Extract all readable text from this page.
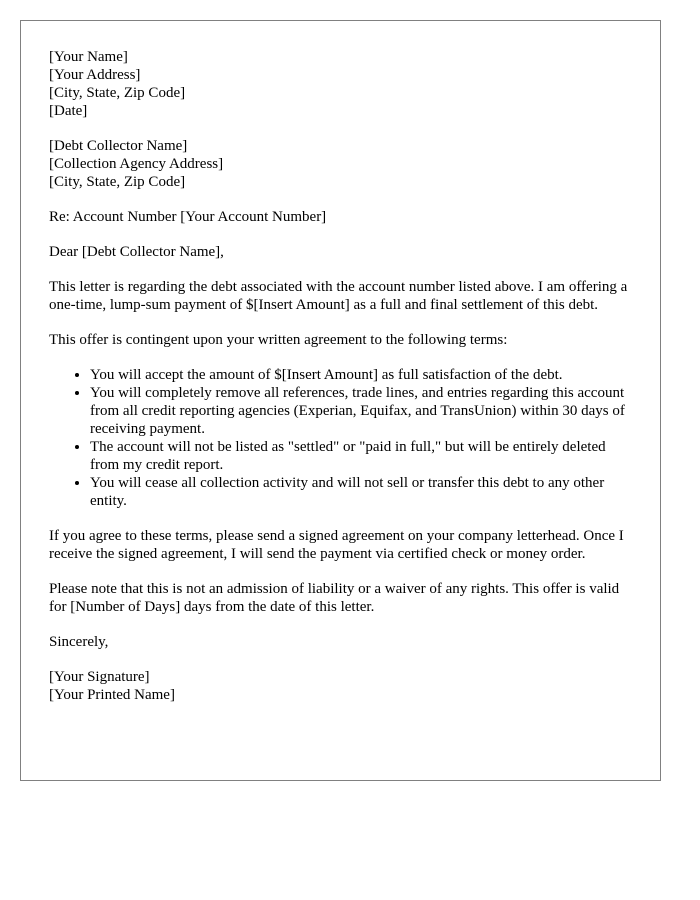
[Your Name]
[Your Address]
[City, State, Zip Code]
[Date]

[Debt Collector Name]
[Collection Agency Address]
[City, State, Zip Code]

Re: Account Number [Your Account Number]

Dear [Debt Collector Name],

This letter is regarding the debt associated with the account number listed above. I am offering a one-time, lump-sum payment of $[Insert Amount] as a full and final settlement of this debt.

This offer is contingent upon your written agreement to the following terms:

• You will accept the amount of $[Insert Amount] as full satisfaction of the debt.
• You will completely remove all references, trade lines, and entries regarding this account from all credit reporting agencies (Experian, Equifax, and TransUnion) within 30 days of receiving payment.
• The account will not be listed as "settled" or "paid in full," but will be entirely deleted from my credit report.
• You will cease all collection activity and will not sell or transfer this debt to any other entity.

If you agree to these terms, please send a signed agreement on your company letterhead. Once I receive the signed agreement, I will send the payment via certified check or money order.

Please note that this is not an admission of liability or a waiver of any rights. This offer is valid for [Number of Days] days from the date of this letter.

Sincerely,

[Your Signature]
[Your Printed Name]
